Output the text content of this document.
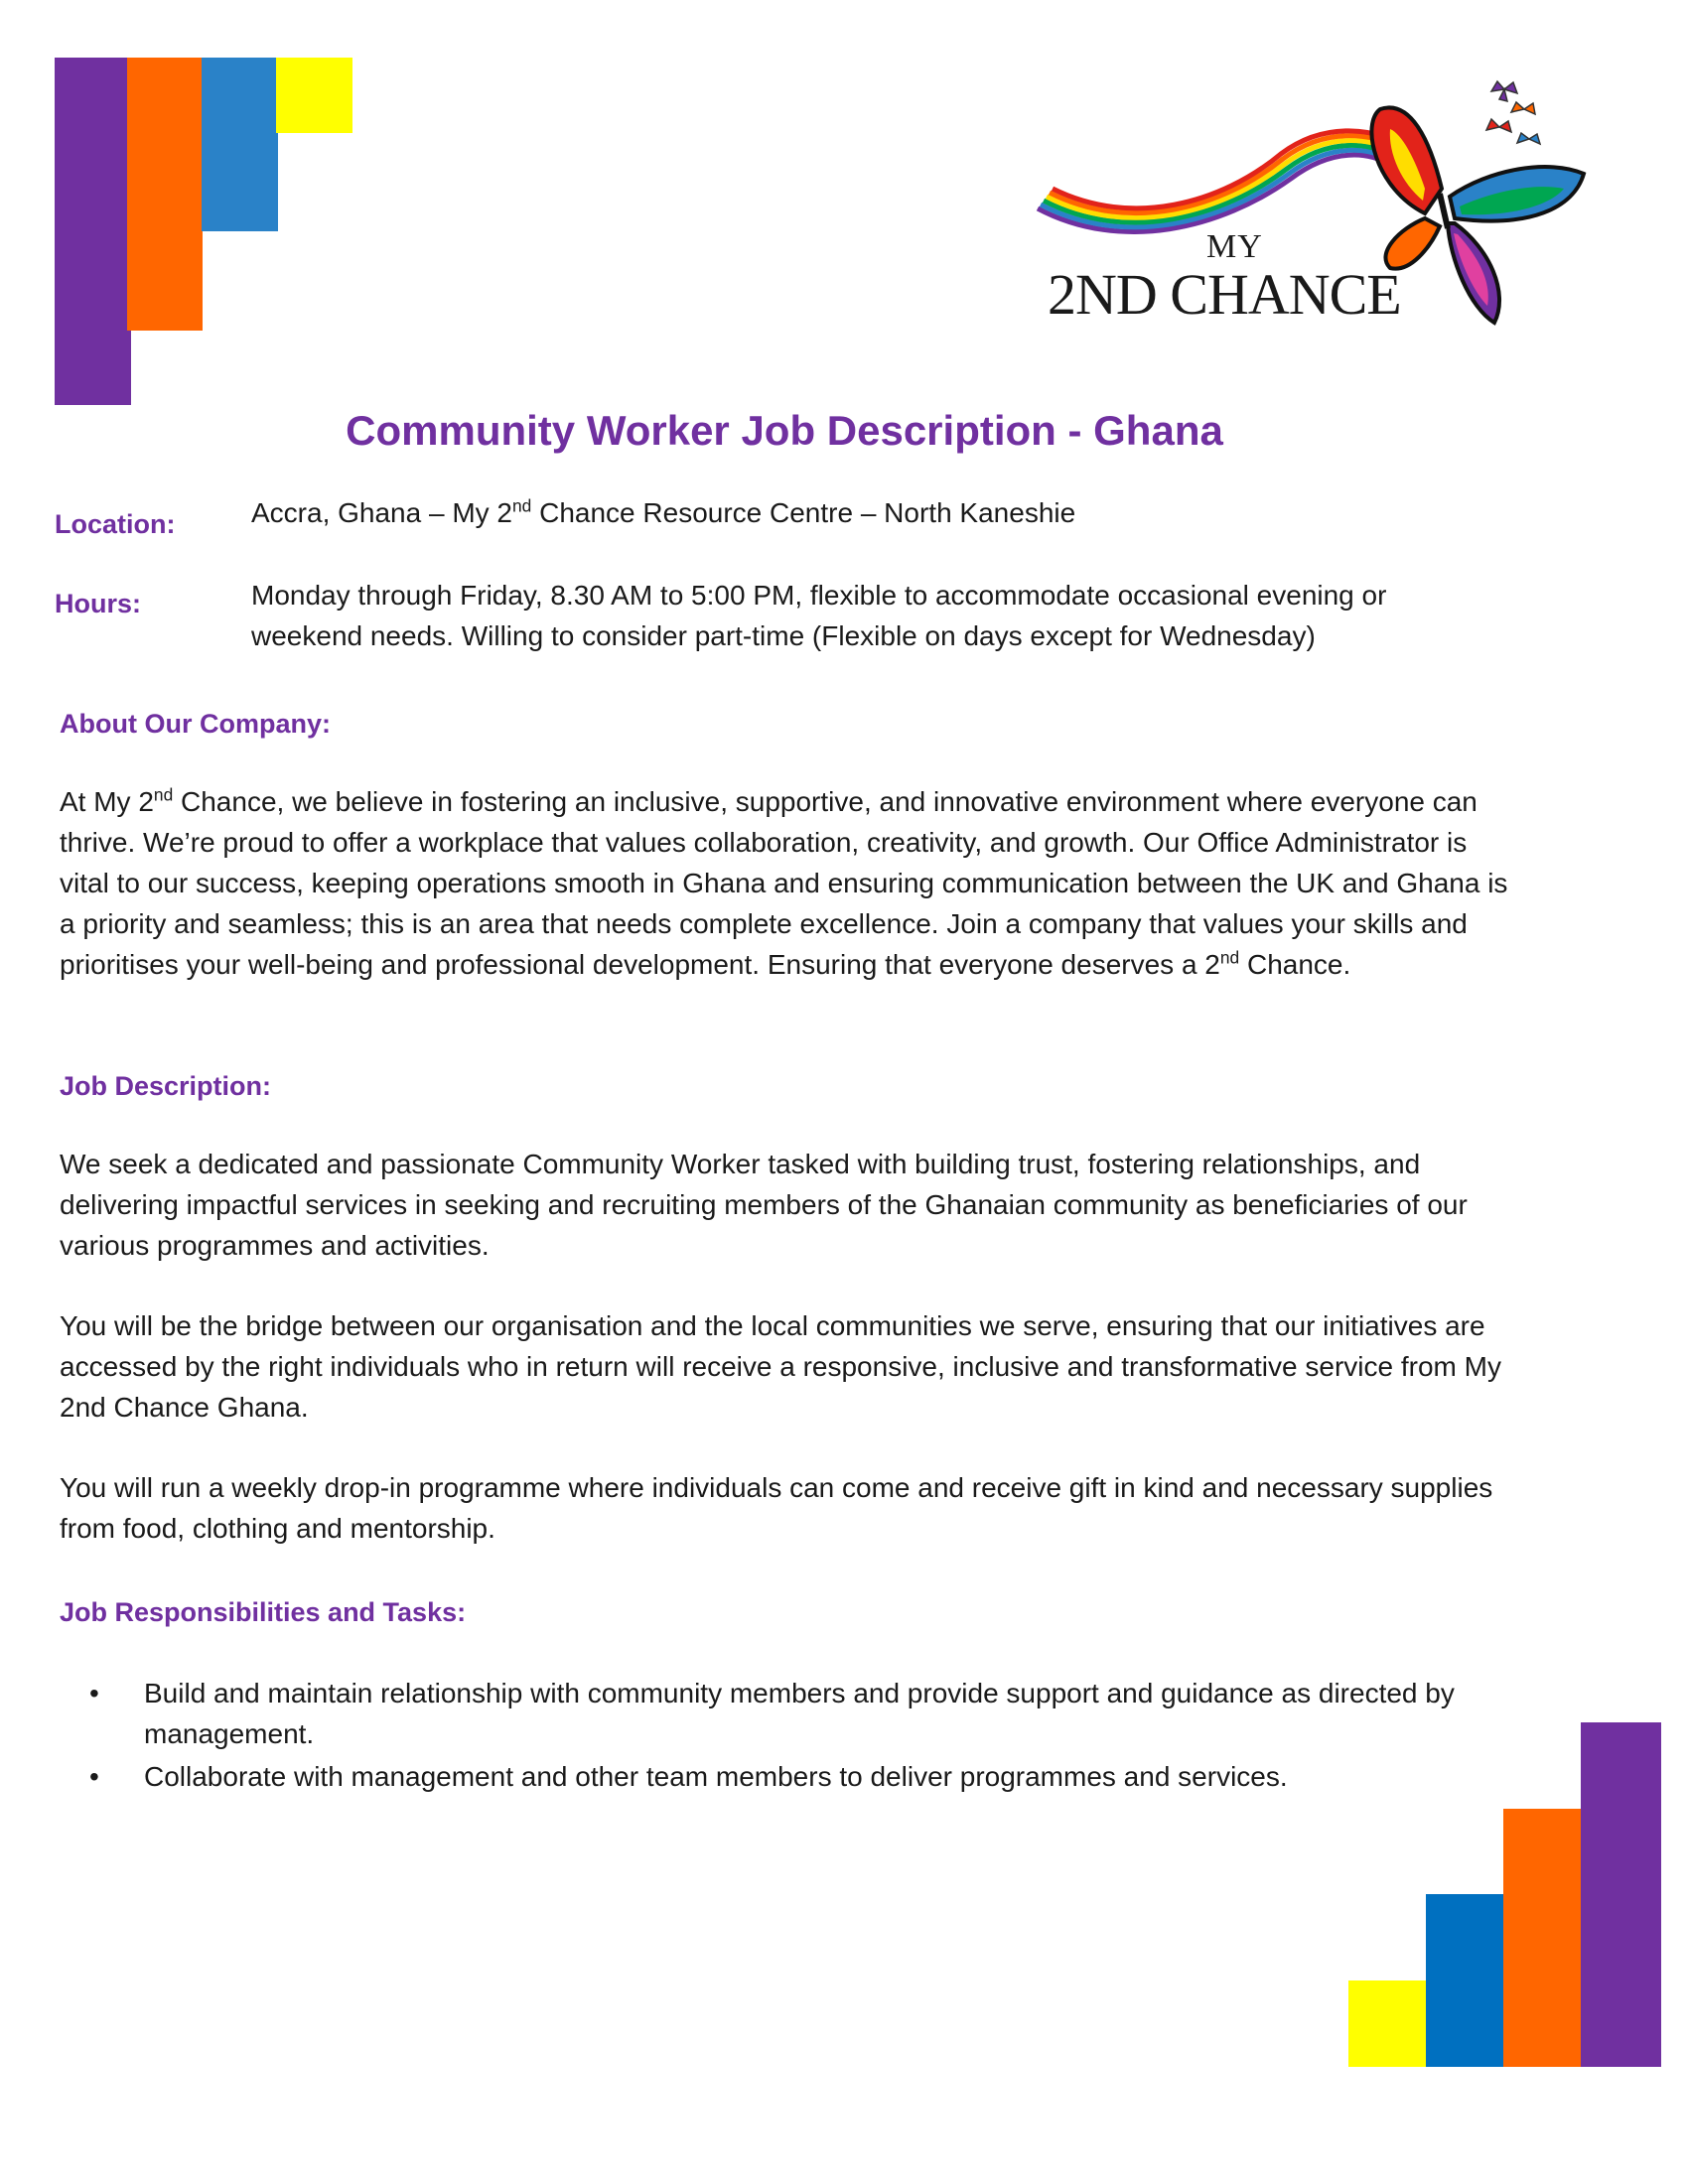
MY
2ND CHANCE
Community Worker Job Description - Ghana
Location:	Accra, Ghana – My 2nd Chance Resource Centre – North Kaneshie
Hours:	Monday through Friday, 8.30 AM to 5:00 PM, flexible to accommodate occasional evening or weekend needs. Willing to consider part-time (Flexible on days except for Wednesday)
About Our Company:
At My 2nd Chance, we believe in fostering an inclusive, supportive, and innovative environment where everyone can thrive. We’re proud to offer a workplace that values collaboration, creativity, and growth. Our Office Administrator is vital to our success, keeping operations smooth in Ghana and ensuring communication between the UK and Ghana is a priority and seamless; this is an area that needs complete excellence. Join a company that values your skills and prioritises your well-being and professional development. Ensuring that everyone deserves a 2nd Chance.
Job Description:
We seek a dedicated and passionate Community Worker tasked with building trust, fostering relationships, and delivering impactful services in seeking and recruiting members of the Ghanaian community as beneficiaries of our various programmes and activities.
You will be the bridge between our organisation and the local communities we serve, ensuring that our initiatives are accessed by the right individuals who in return will receive a responsive, inclusive and transformative service from My 2nd Chance Ghana.
You will run a weekly drop-in programme where individuals can come and receive gift in kind and necessary supplies from food, clothing and mentorship.
Job Responsibilities and Tasks:
• Build and maintain relationship with community members and provide support and guidance as directed by management.
• Collaborate with management and other team members to deliver programmes and services.
